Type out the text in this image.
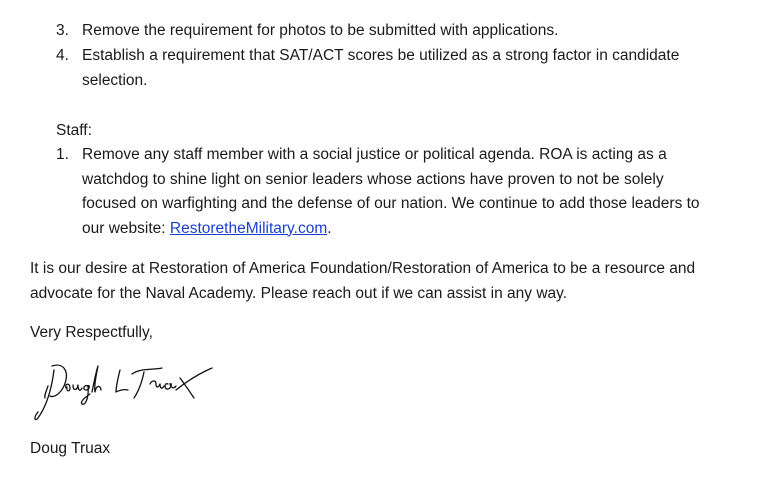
3. Remove the requirement for photos to be submitted with applications.
4. Establish a requirement that SAT/ACT scores be utilized as a strong factor in candidate selection.
Staff:
1. Remove any staff member with a social justice or political agenda. ROA is acting as a watchdog to shine light on senior leaders whose actions have proven to not be solely focused on warfighting and the defense of our nation. We continue to add those leaders to our website: RestoretheMilitary.com.
It is our desire at Restoration of America Foundation/Restoration of America to be a resource and advocate for the Naval Academy. Please reach out if we can assist in any way.
Very Respectfully,
Doug Truax
